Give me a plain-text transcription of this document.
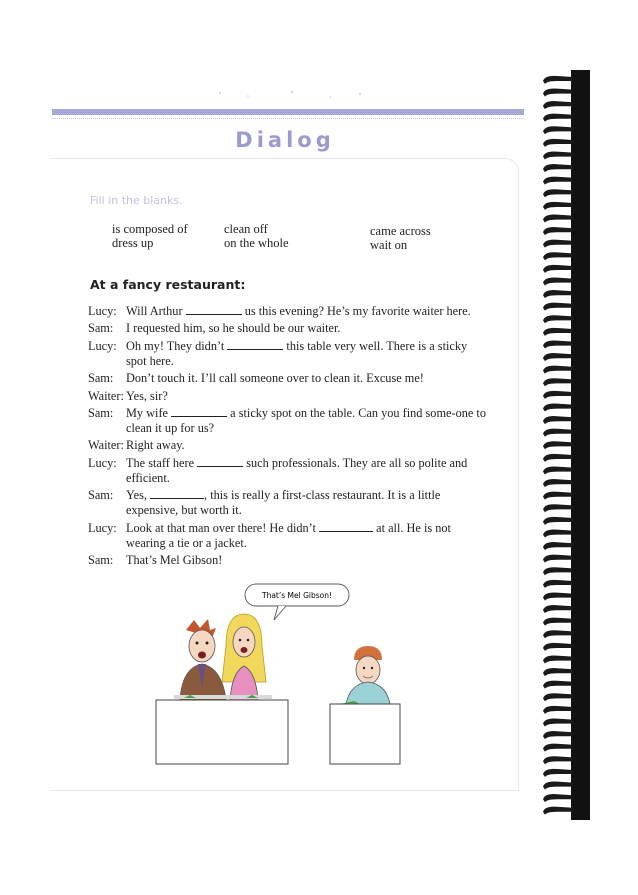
Dialog
Fill in the blanks.
is composed of	clean off	came across
dress up	on the whole	wait on
At a fancy restaurant:
Lucy: Will Arthur	us this evening? He’s my favorite waiter here.
Sam:	I requested him, so he should be our waiter.
Lucy: Oh my! They didn’t	this table very well. There is a sticky spot here.
Sam:	Don’t touch it. I’ll call someone over to clean it. Excuse me!
Waiter: Yes, sir?
Sam:	My wife	a sticky spot on the table. Can you find some-one to clean it up for us?
Waiter: Right away.
Lucy: The staff here	such professionals. They are all so polite and efficient.
Sam:	Yes,	, this is really a first-class restaurant. It is a little expensive, but worth it.
Lucy: Look at that man over there! He didn’t	at all. He is not wearing a tie or a jacket.
Sam:	That’s Mel Gibson!
That’s Mel Gibson!
